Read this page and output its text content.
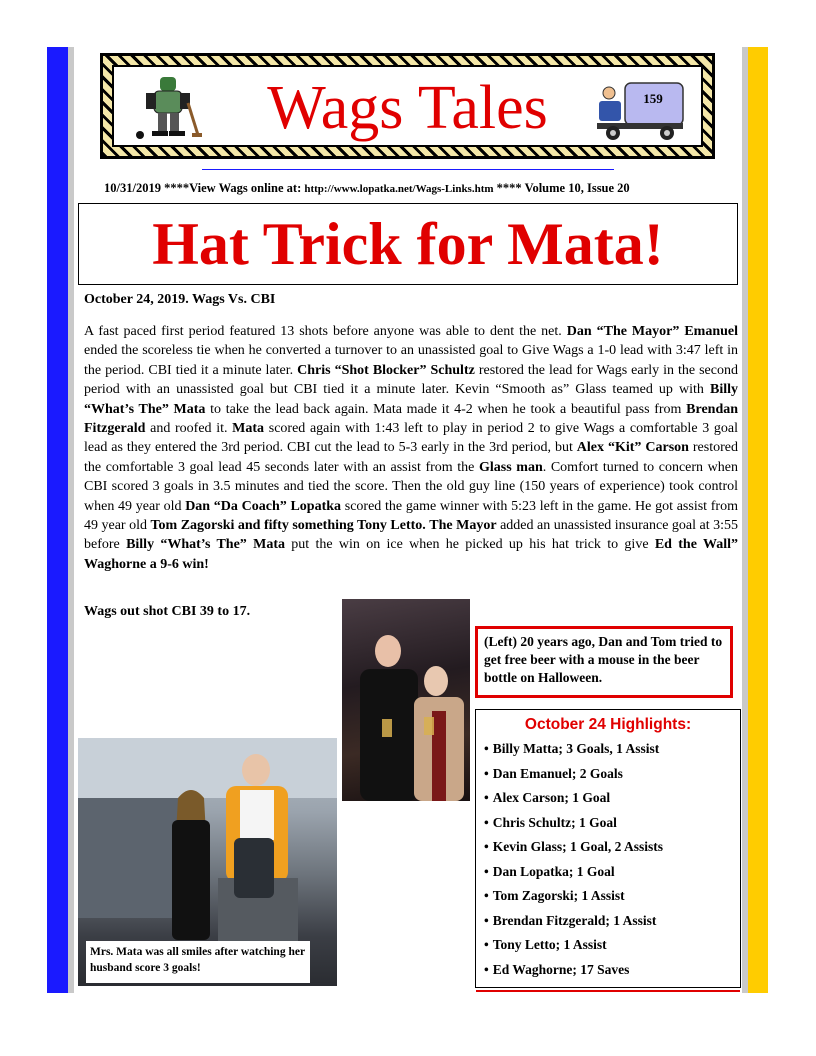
Wags Tales	159
10/31/2019 ****View Wags online at: http://www.lopatka.net/Wags-Links.htm **** Volume 10, Issue 20
Hat Trick for Mata!
October 24, 2019. Wags Vs. CBI
A fast paced first period featured 13 shots before anyone was able to dent the net. Dan “The Mayor” Emanuel ended the scoreless tie when he converted a turnover to an unassisted goal to Give Wags a 1-0 lead with 3:47 left in the period. CBI tied it a minute later. Chris “Shot Blocker” Schultz restored the lead for Wags early in the second period with an unassisted goal but CBI tied it a minute later. Kevin “Smooth as” Glass teamed up with Billy “What’s The” Mata to take the lead back again. Mata made it 4-2 when he took a beautiful pass from Brendan Fitzgerald and roofed it. Mata scored again with 1:43 left to play in period 2 to give Wags a comfortable 3 goal lead as they entered the 3rd period. CBI cut the lead to 5-3 early in the 3rd period, but Alex “Kit” Carson restored the comfortable 3 goal lead 45 seconds later with an assist from the Glass man. Comfort turned to concern when CBI scored 3 goals in 3.5 minutes and tied the score. Then the old guy line (150 years of experience) took control when 49 year old Dan “Da Coach” Lopatka scored the game winner with 5:23 left in the game. He got assist from 49 year old Tom Zagorski and fifty something Tony Letto. The Mayor added an unassisted insurance goal at 3:55 before Billy “What’s The” Mata put the win on ice when he picked up his hat trick to give Ed the Wall” Waghorne a 9-6 win!
Wags out shot CBI 39 to 17.
(Left) 20 years ago, Dan and Tom tried to get free beer with a mouse in the beer bottle on Halloween.
Mrs. Mata was all smiles after watching her husband score 3 goals!
October 24 Highlights:
• Billy Matta; 3 Goals, 1 Assist
• Dan Emanuel; 2 Goals
• Alex Carson; 1 Goal
• Chris Schultz; 1 Goal
• Kevin Glass; 1 Goal, 2 Assists
• Dan Lopatka; 1 Goal
• Tom Zagorski; 1 Assist
• Brendan Fitzgerald; 1 Assist
• Tony Letto; 1 Assist
• Ed Waghorne; 17 Saves
